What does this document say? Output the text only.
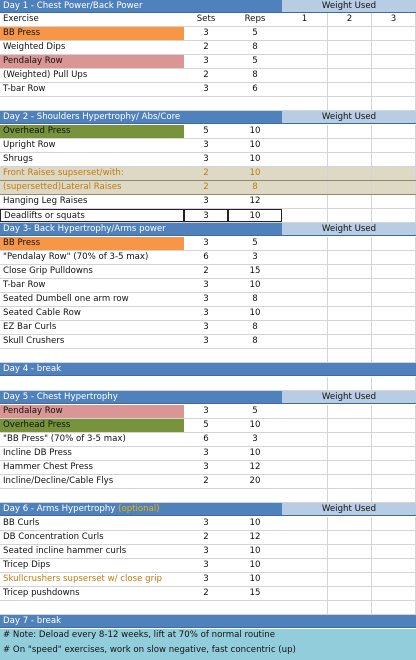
Day 1 - Chest Power/Back Power	Weight Used
Exercise	Sets	Reps	1	2	3
BB Press	3	5
Weighted Dips	2	8
Pendalay Row	3	5
(Weighted) Pull Ups	2	8
T-bar Row	3	6
Day 2 - Shoulders Hypertrophy/ Abs/Core	Weight Used
Overhead Press	5	10
Upright Row	3	10
Shrugs	3	10
Front Raises supserset/with:	2	10
(supersetted)Lateral Raises	2	8
Hanging Leg Raises	3	12
Deadlifts or squats	3	10
Day 3- Back Hypertrophy/Arms power	Weight Used
BB Press	3	5
"Pendalay Row" (70% of 3-5 max)	6	3
Close Grip Pulldowns	2	15
T-bar Row	3	10
Seated Dumbell one arm row	3	8
Seated Cable Row	3	10
EZ Bar Curls	3	8
Skull Crushers	3	8
Day 4 - break
Day 5 - Chest Hypertrophy	Weight Used
Pendalay Row	3	5
Overhead Press	5	10
"BB Press" (70% of 3-5 max)	6	3
Incline DB Press	3	10
Hammer Chest Press	3	12
Incline/Decline/Cable Flys	2	20
Day 6 - Arms Hypertrophy (optional)	Weight Used
BB Curls	3	10
DB Concentration Curls	2	12
Seated incline hammer curls	3	10
Tricep Dips	3	10
Skullcrushers supserset w/ close grip	3	10
Tricep pushdowns	2	15
Day 7 - break
# Note: Deload every 8-12 weeks, lift at 70% of normal routine
# On "speed" exercises, work on slow negative, fast concentric (up)
